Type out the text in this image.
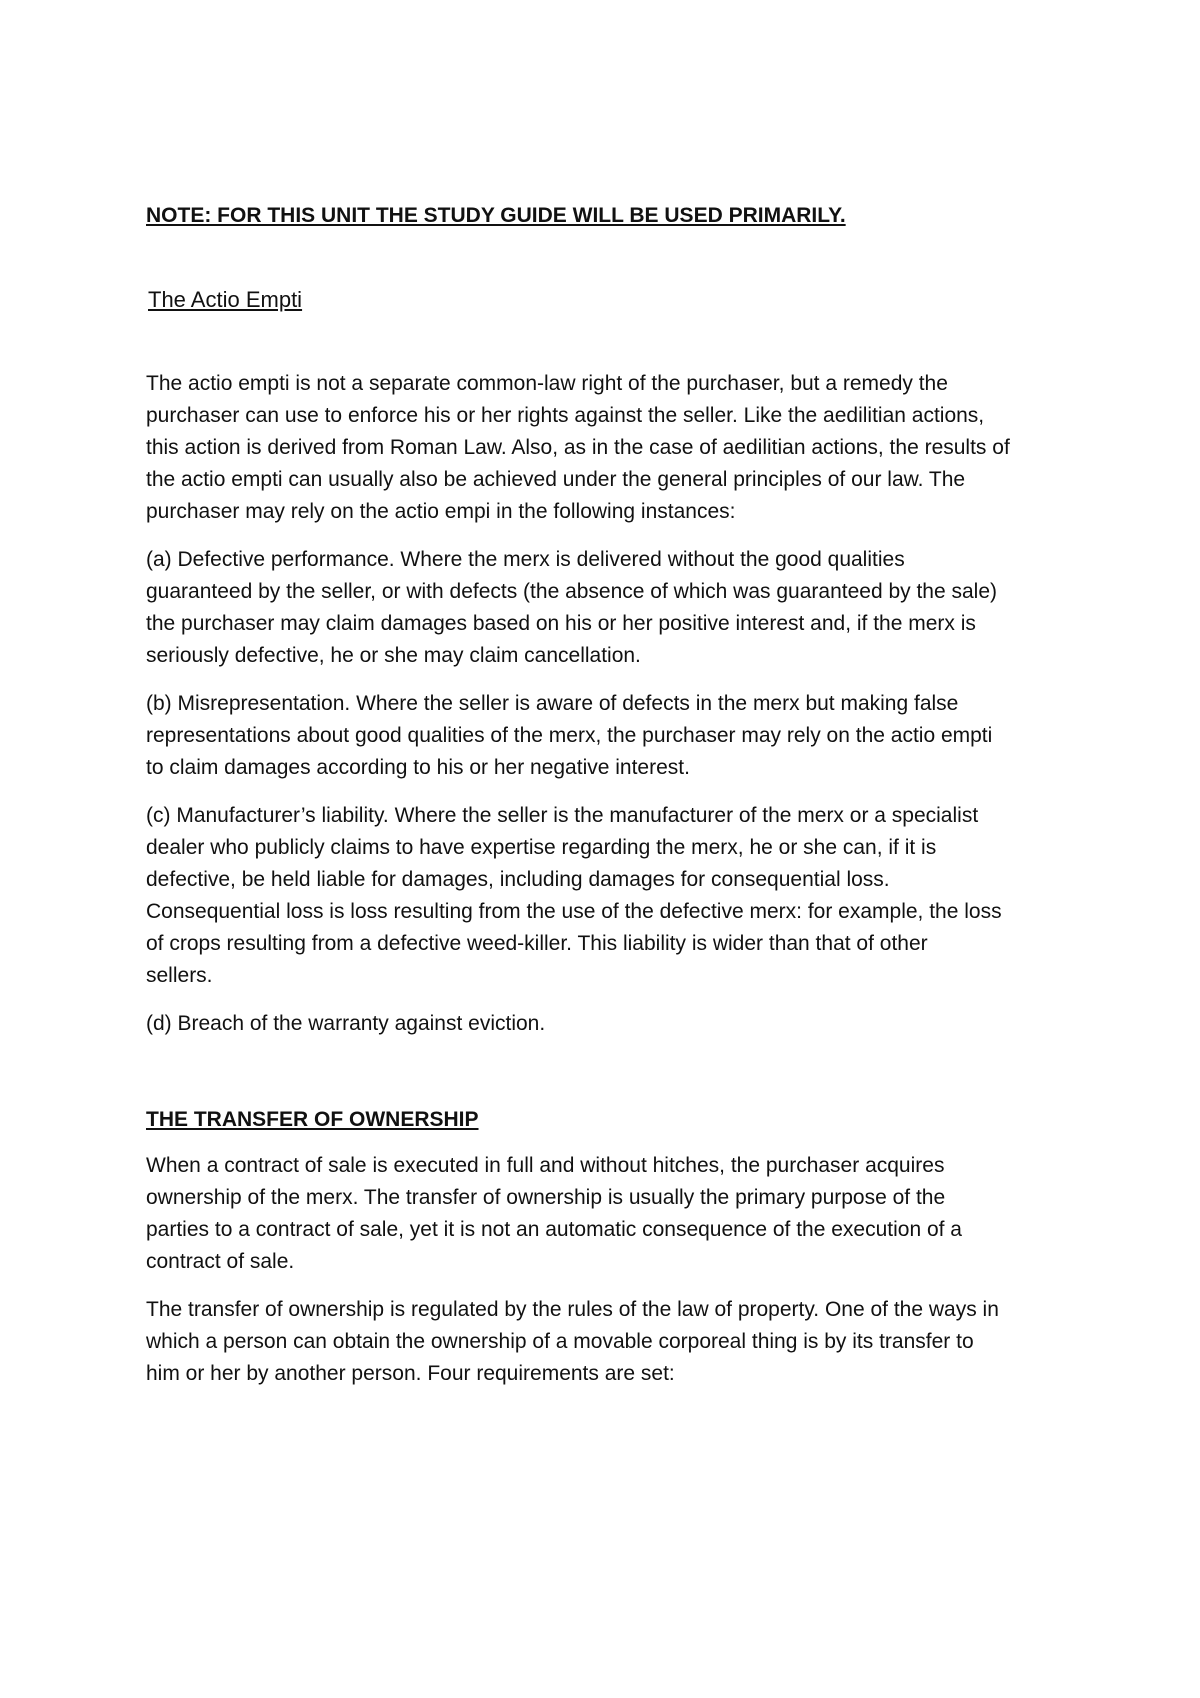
NOTE: FOR THIS UNIT THE STUDY GUIDE WILL BE USED PRIMARILY.
The Actio Empti
The actio empti is not a separate common-law right of the purchaser, but a remedy the
purchaser can use to enforce his or her rights against the seller. Like the aedilitian actions,
this action is derived from Roman Law. Also, as in the case of aedilitian actions, the results of
the actio empti can usually also be achieved under the general principles of our law. The
purchaser may rely on the actio empi in the following instances:
(a) Defective performance. Where the merx is delivered without the good qualities
guaranteed by the seller, or with defects (the absence of which was guaranteed by the sale)
the purchaser may claim damages based on his or her positive interest and, if the merx is
seriously defective, he or she may claim cancellation.
(b) Misrepresentation. Where the seller is aware of defects in the merx but making false
representations about good qualities of the merx, the purchaser may rely on the actio empti
to claim damages according to his or her negative interest.
(c) Manufacturer’s liability. Where the seller is the manufacturer of the merx or a specialist
dealer who publicly claims to have expertise regarding the merx, he or she can, if it is
defective, be held liable for damages, including damages for consequential loss.
Consequential loss is loss resulting from the use of the defective merx: for example, the loss
of crops resulting from a defective weed-killer. This liability is wider than that of other
sellers.
(d) Breach of the warranty against eviction.
THE TRANSFER OF OWNERSHIP
When a contract of sale is executed in full and without hitches, the purchaser acquires
ownership of the merx. The transfer of ownership is usually the primary purpose of the
parties to a contract of sale, yet it is not an automatic consequence of the execution of a
contract of sale.
The transfer of ownership is regulated by the rules of the law of property. One of the ways in
which a person can obtain the ownership of a movable corporeal thing is by its transfer to
him or her by another person. Four requirements are set:
